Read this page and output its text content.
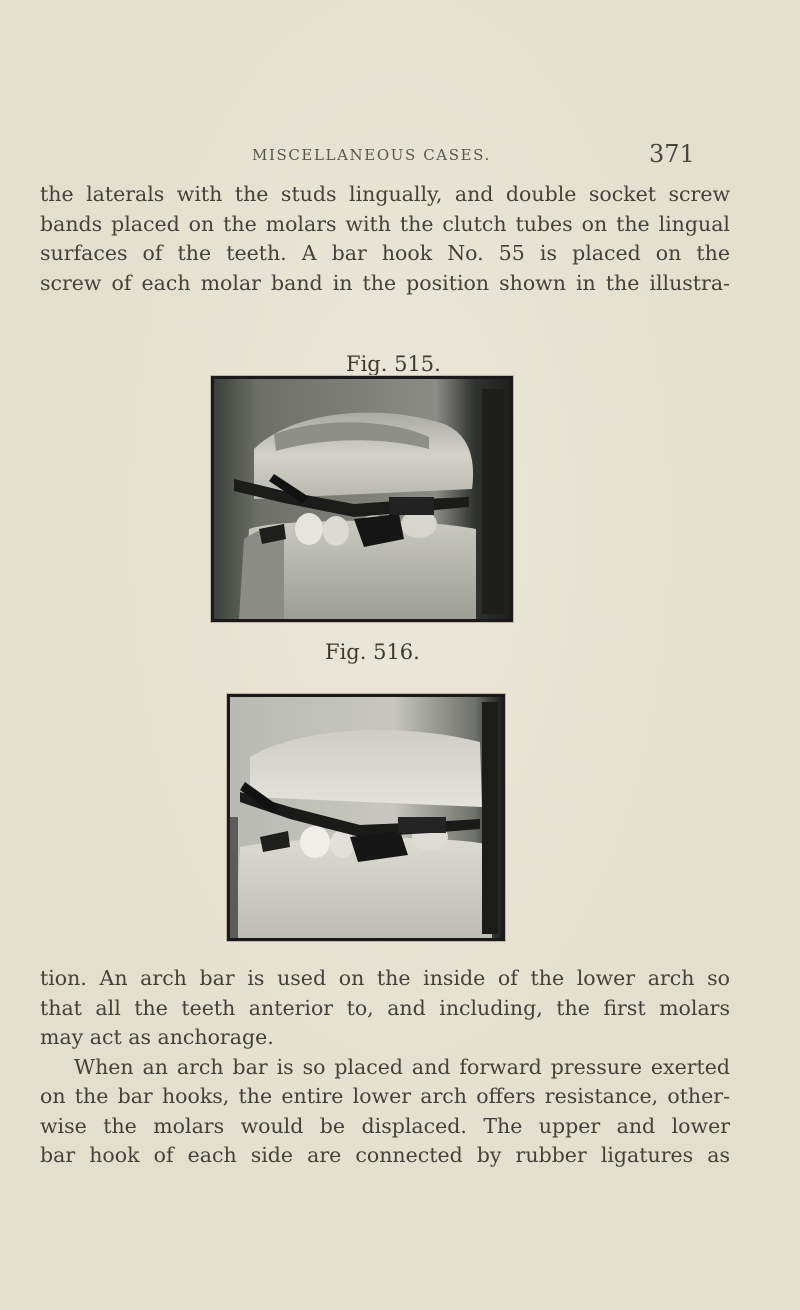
MISCELLANEOUS CASES.	371
the laterals with the studs lingually, and double socket screw
bands placed on the molars with the clutch tubes on the lingual
surfaces of the teeth. A bar hook No. 55 is placed on the
screw of each molar band in the position shown in the illustra-
Fig. 515.
Fig. 516.
tion. An arch bar is used on the inside of the lower arch so
that all the teeth anterior to, and including, the first molars
may act as anchorage.
When an arch bar is so placed and forward pressure exerted
on the bar hooks, the entire lower arch offers resistance, other-
wise the molars would be displaced. The upper and lower
bar hook of each side are connected by rubber ligatures as
